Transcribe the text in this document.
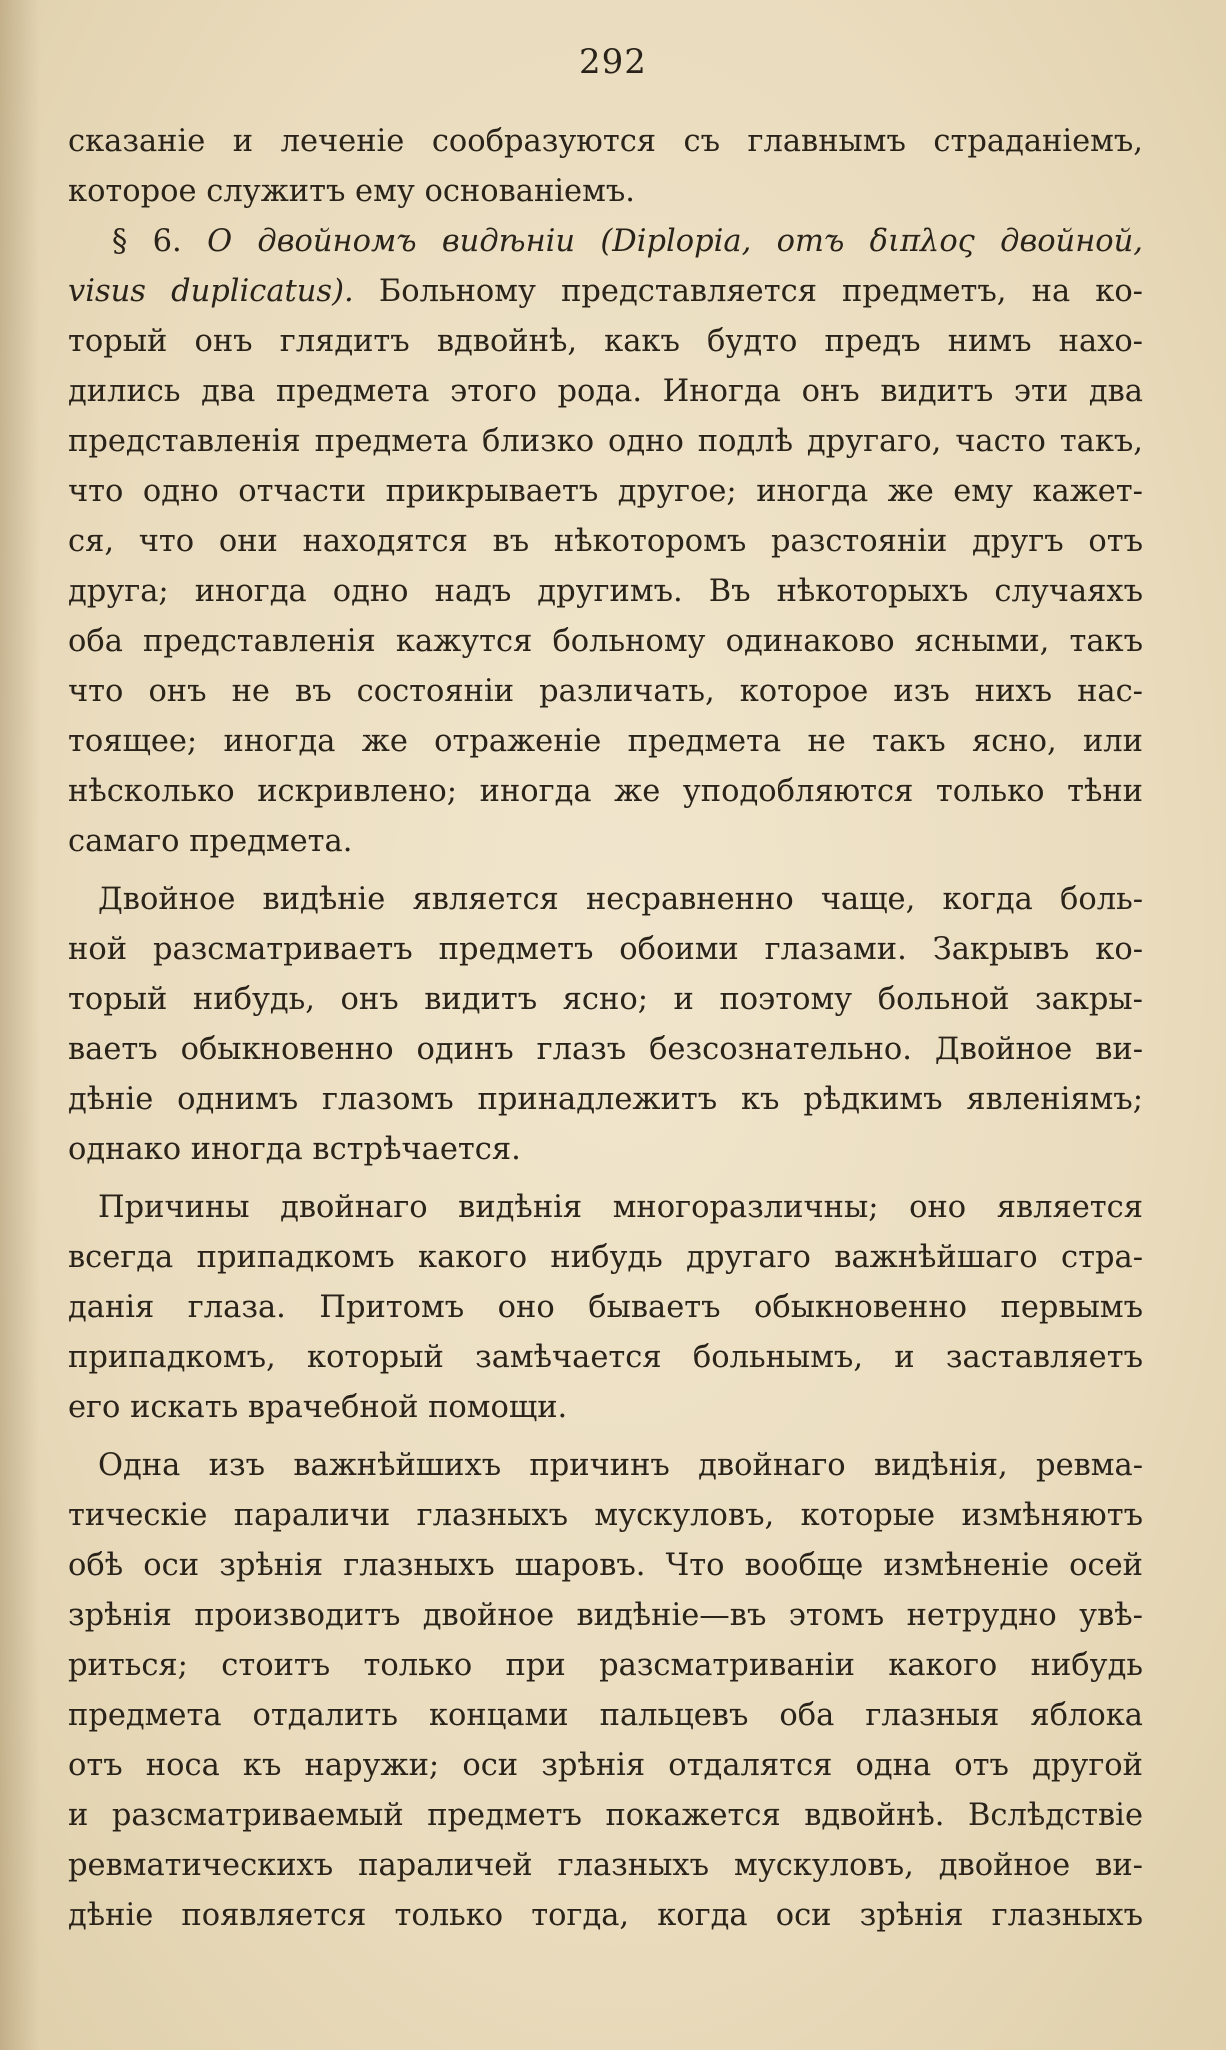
292
сказаніе и леченіе сообразуются съ главнымъ страданіемъ,
которое служитъ ему основаніемъ.
§ 6. О двойномъ видѣніи (Diplopia, отъ διπλος двойной,
visus duplicatus). Больному представляется предметъ, на ко-
торый онъ глядитъ вдвойнѣ, какъ будто предъ нимъ нахо-
дились два предмета этого рода. Иногда онъ видитъ эти два
представленія предмета близко одно подлѣ другаго, часто такъ,
что одно отчасти прикрываетъ другое; иногда же ему кажет-
ся, что они находятся въ нѣкоторомъ разстояніи другъ отъ
друга; иногда одно надъ другимъ. Въ нѣкоторыхъ случаяхъ
оба представленія кажутся больному одинаково ясными, такъ
что онъ не въ состояніи различать, которое изъ нихъ нас-
тоящее; иногда же отраженіе предмета не такъ ясно, или
нѣсколько искривлено; иногда же уподобляются только тѣни
самаго предмета.
Двойное видѣніе является несравненно чаще, когда боль-
ной разсматриваетъ предметъ обоими глазами. Закрывъ ко-
торый нибудь, онъ видитъ ясно; и поэтому больной закры-
ваетъ обыкновенно одинъ глазъ безсознательно. Двойное ви-
дѣніе однимъ глазомъ принадлежитъ къ рѣдкимъ явленіямъ;
однако иногда встрѣчается.
Причины двойнаго видѣнія многоразличны; оно является
всегда припадкомъ какого нибудь другаго важнѣйшаго стра-
данія глаза. Притомъ оно бываетъ обыкновенно первымъ
припадкомъ, который замѣчается больнымъ, и заставляетъ
его искать врачебной помощи.
Одна изъ важнѣйшихъ причинъ двойнаго видѣнія, ревма-
тическіе параличи глазныхъ мускуловъ, которые измѣняютъ
обѣ оси зрѣнія глазныхъ шаровъ. Что вообще измѣненіе осей
зрѣнія производитъ двойное видѣніе—въ этомъ нетрудно увѣ-
риться; стоитъ только при разсматриваніи какого нибудь
предмета отдалить концами пальцевъ оба глазныя яблока
отъ носа къ наружи; оси зрѣнія отдалятся одна отъ другой
и разсматриваемый предметъ покажется вдвойнѣ. Вслѣдствіе
ревматическихъ параличей глазныхъ мускуловъ, двойное ви-
дѣніе появляется только тогда, когда оси зрѣнія глазныхъ
